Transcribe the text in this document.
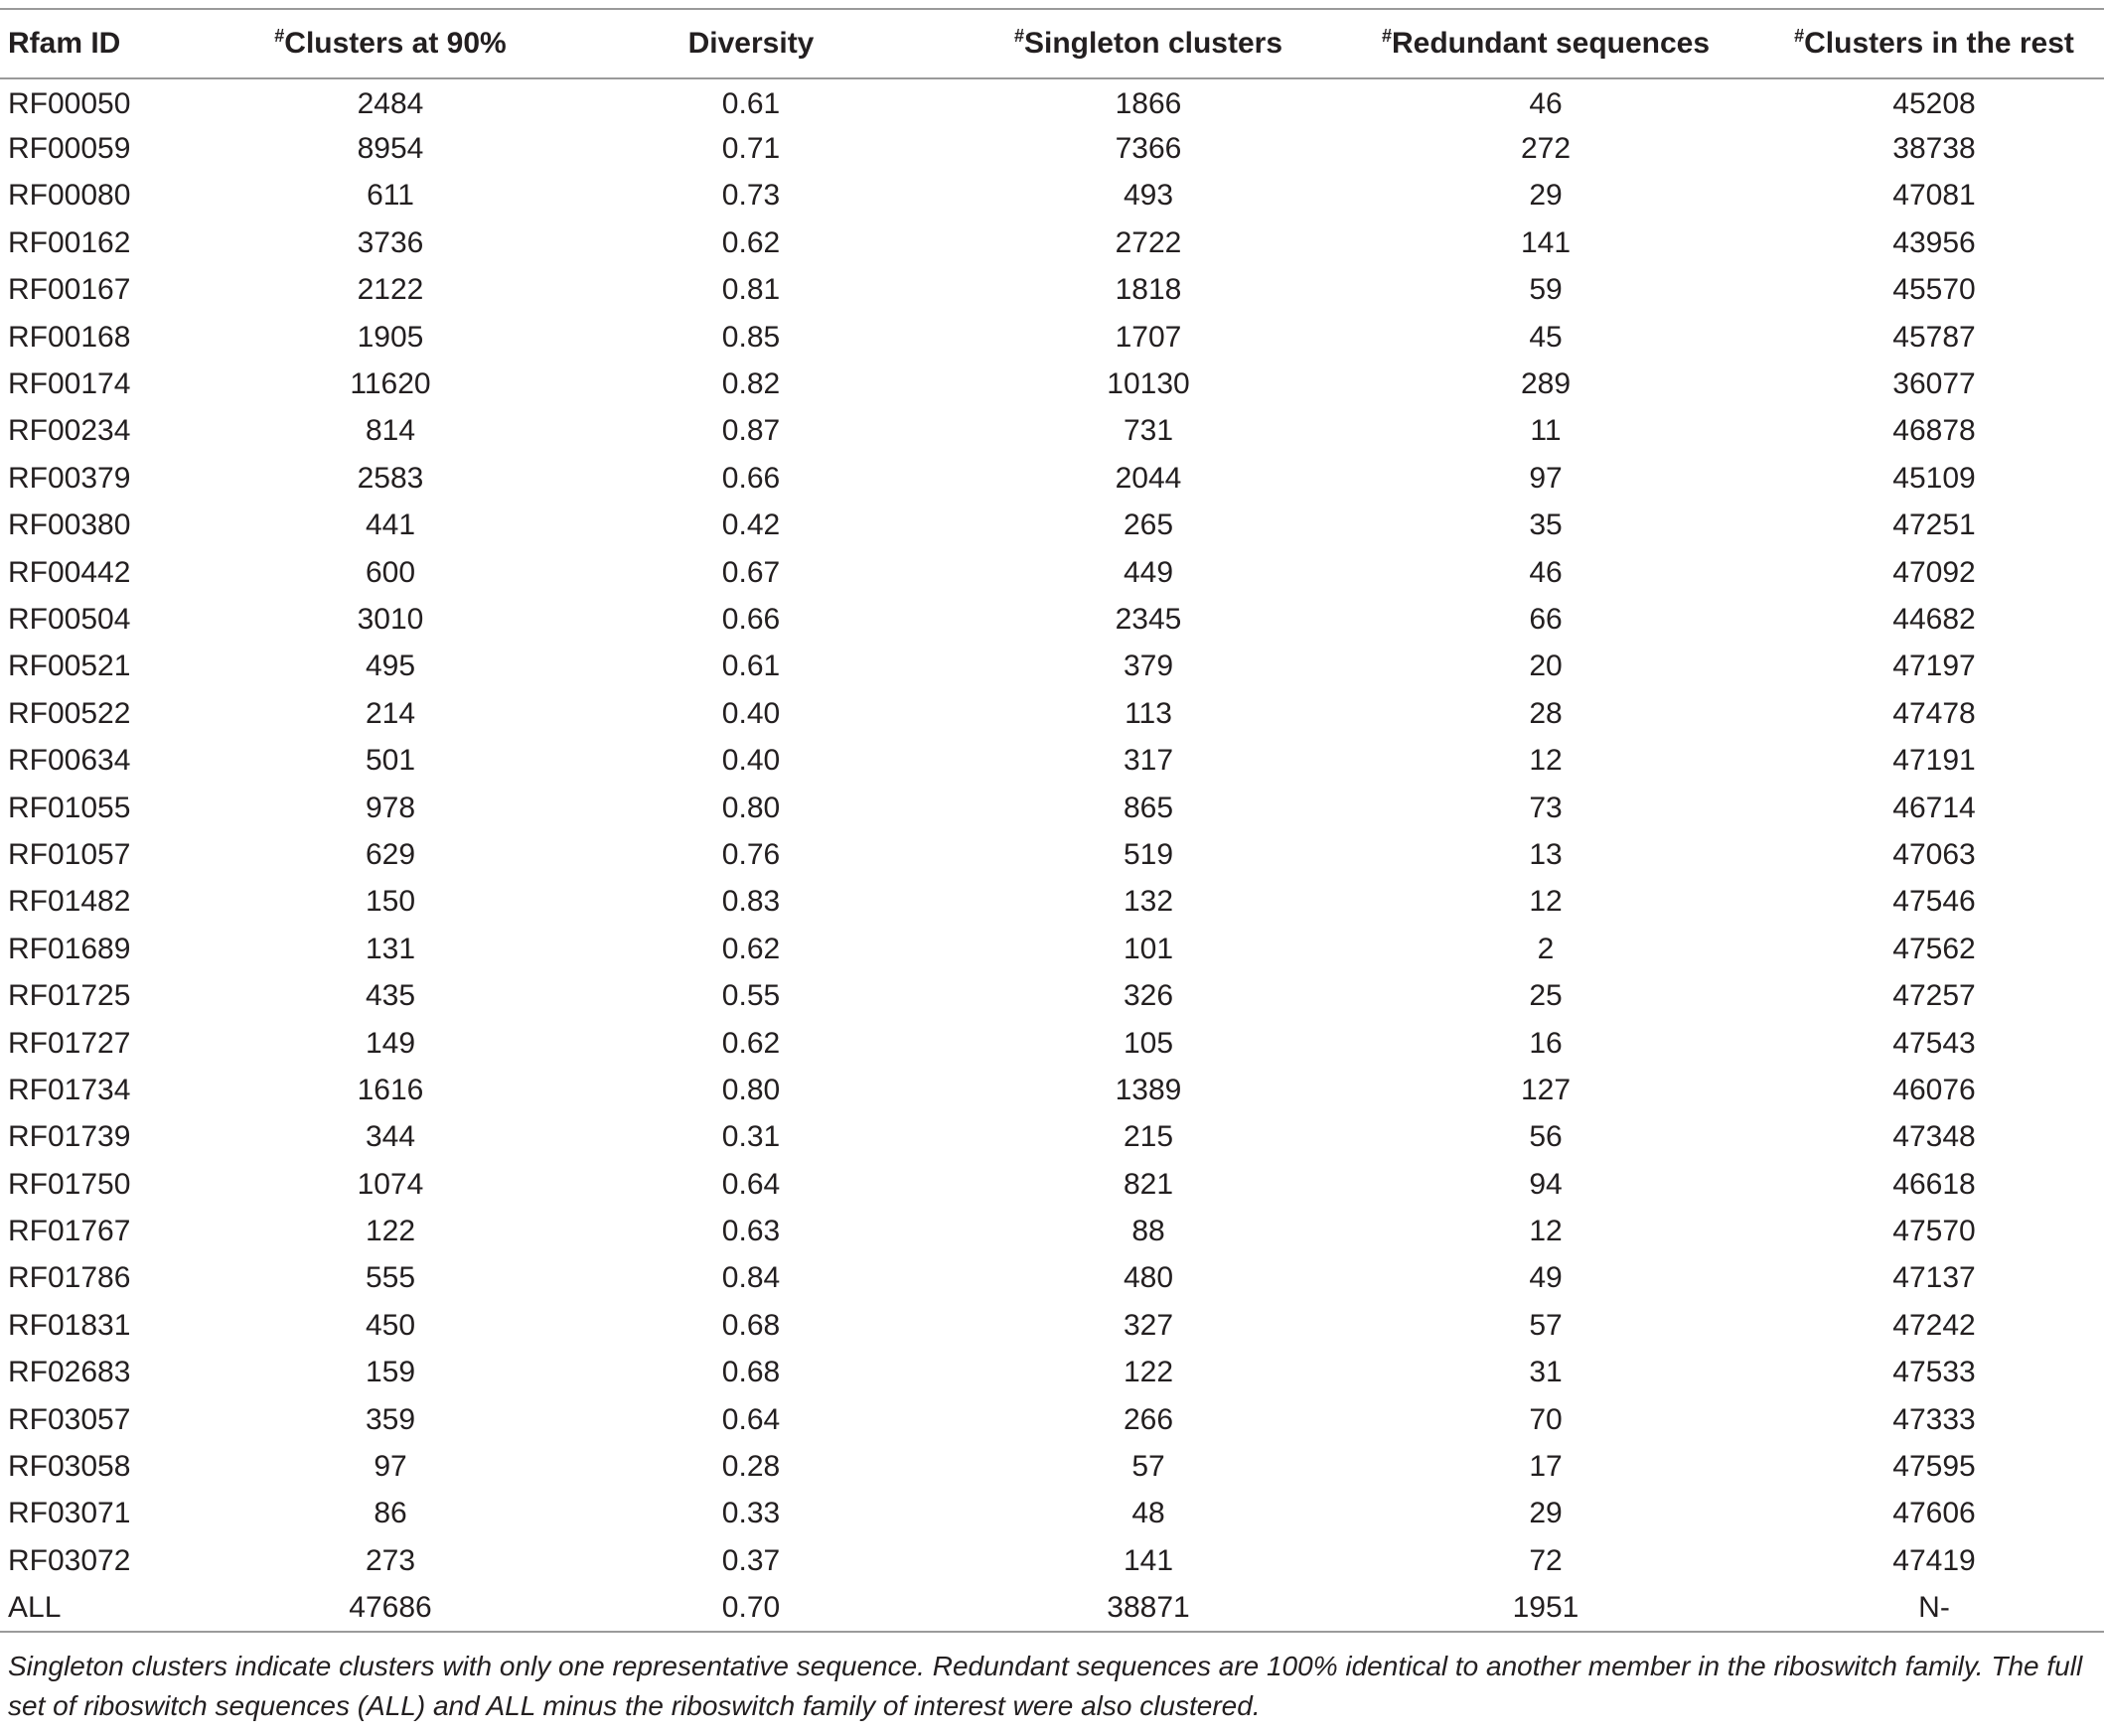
Rfam ID	#Clusters at 90%	Diversity	#Singleton clusters	#Redundant sequences	#Clusters in the rest
RF00050	2484	0.61	1866	46	45208
RF00059	8954	0.71	7366	272	38738
RF00080	611	0.73	493	29	47081
RF00162	3736	0.62	2722	141	43956
RF00167	2122	0.81	1818	59	45570
RF00168	1905	0.85	1707	45	45787
RF00174	11620	0.82	10130	289	36077
RF00234	814	0.87	731	11	46878
RF00379	2583	0.66	2044	97	45109
RF00380	441	0.42	265	35	47251
RF00442	600	0.67	449	46	47092
RF00504	3010	0.66	2345	66	44682
RF00521	495	0.61	379	20	47197
RF00522	214	0.40	113	28	47478
RF00634	501	0.40	317	12	47191
RF01055	978	0.80	865	73	46714
RF01057	629	0.76	519	13	47063
RF01482	150	0.83	132	12	47546
RF01689	131	0.62	101	2	47562
RF01725	435	0.55	326	25	47257
RF01727	149	0.62	105	16	47543
RF01734	1616	0.80	1389	127	46076
RF01739	344	0.31	215	56	47348
RF01750	1074	0.64	821	94	46618
RF01767	122	0.63	88	12	47570
RF01786	555	0.84	480	49	47137
RF01831	450	0.68	327	57	47242
RF02683	159	0.68	122	31	47533
RF03057	359	0.64	266	70	47333
RF03058	97	0.28	57	17	47595
RF03071	86	0.33	48	29	47606
RF03072	273	0.37	141	72	47419
ALL	47686	0.70	38871	1951	N-

Singleton clusters indicate clusters with only one representative sequence. Redundant sequences are 100% identical to another member in the riboswitch family. The full set of riboswitch sequences (ALL) and ALL minus the riboswitch family of interest were also clustered.
